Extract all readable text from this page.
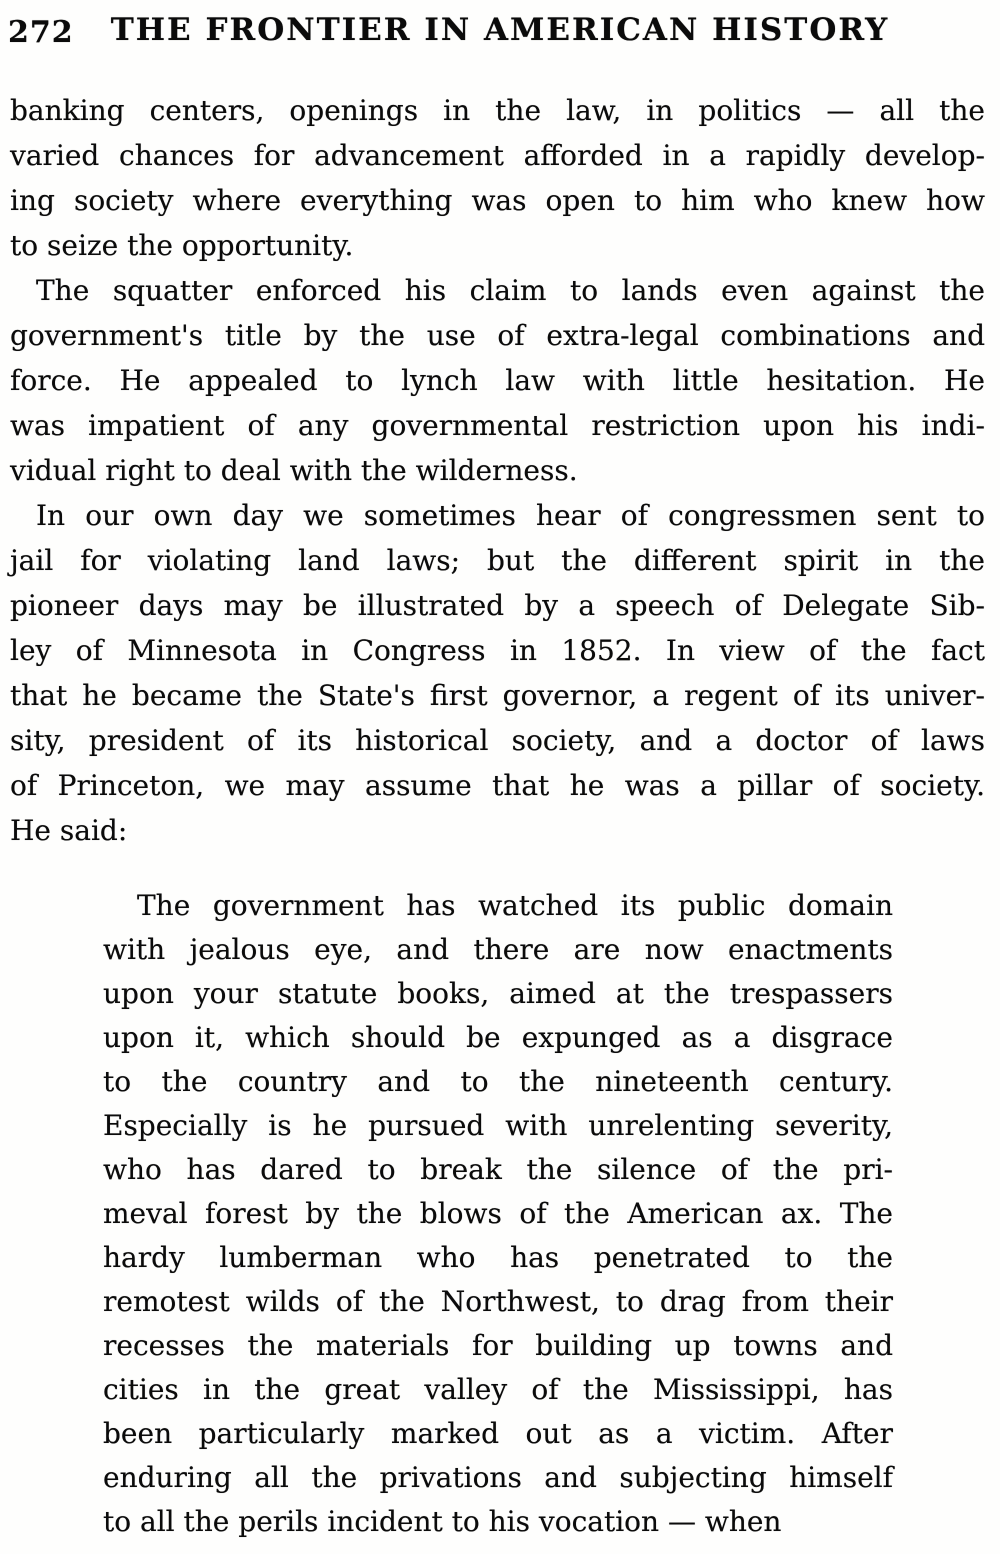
272	THE FRONTIER IN AMERICAN HISTORY

banking centers, openings in the law, in politics — all the
varied chances for advancement afforded in a rapidly develop-
ing society where everything was open to him who knew how
to seize the opportunity.

The squatter enforced his claim to lands even against the
government's title by the use of extra-legal combinations and
force. He appealed to lynch law with little hesitation. He
was impatient of any governmental restriction upon his indi-
vidual right to deal with the wilderness.

In our own day we sometimes hear of congressmen sent to
jail for violating land laws; but the different spirit in the
pioneer days may be illustrated by a speech of Delegate Sib-
ley of Minnesota in Congress in 1852. In view of the fact
that he became the State's first governor, a regent of its univer-
sity, president of its historical society, and a doctor of laws
of Princeton, we may assume that he was a pillar of society.
He said:

The government has watched its public domain
with jealous eye, and there are now enactments
upon your statute books, aimed at the trespassers
upon it, which should be expunged as a disgrace
to the country and to the nineteenth century.
Especially is he pursued with unrelenting severity,
who has dared to break the silence of the pri-
meval forest by the blows of the American ax. The
hardy lumberman who has penetrated to the
remotest wilds of the Northwest, to drag from their
recesses the materials for building up towns and
cities in the great valley of the Mississippi, has
been particularly marked out as a victim. After
enduring all the privations and subjecting himself
to all the perils incident to his vocation — when
